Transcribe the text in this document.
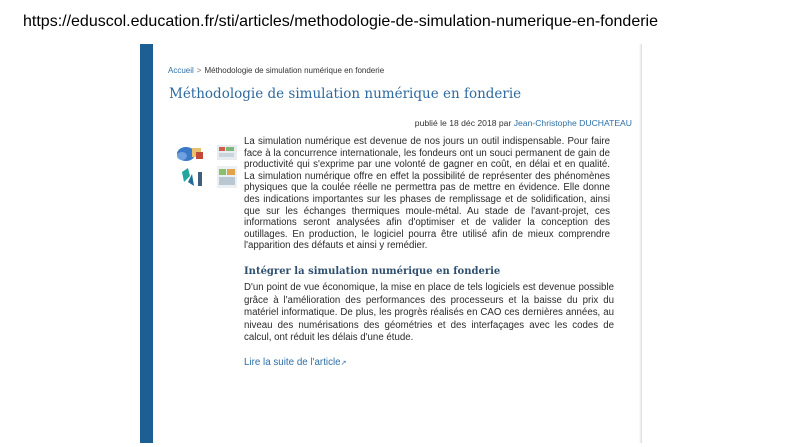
https://eduscol.education.fr/sti/articles/methodologie-de-simulation-numerique-en-fonderie
Accueil > Méthodologie de simulation numérique en fonderie
Méthodologie de simulation numérique en fonderie
publié le 18 déc 2018 par Jean-Christophe DUCHATEAU

La simulation numérique est devenue de nos jours un outil indispensable. Pour faire face à la concurrence internationale, les fondeurs ont un souci permanent de gain de productivité qui s'exprime par une volonté de gagner en coût, en délai et en qualité. La simulation numérique offre en effet la possibilité de représenter des phénomènes physiques que la coulée réelle ne permettra pas de mettre en évidence. Elle donne des indications importantes sur les phases de remplissage et de solidification, ainsi que sur les échanges thermiques moule-métal. Au stade de l'avant-projet, ces informations seront analysées afin d'optimiser et de valider la conception des outillages. En production, le logiciel pourra être utilisé afin de mieux comprendre l'apparition des défauts et ainsi y remédier.

Intégrer la simulation numérique en fonderie

D'un point de vue économique, la mise en place de tels logiciels est devenue possible grâce à l'amélioration des performances des processeurs et la baisse du prix du matériel informatique. De plus, les progrès réalisés en CAO ces dernières années, au niveau des numérisations des géométries et des interfaçages avec les codes de calcul, ont réduit les délais d'une étude.

Lire la suite de l'article↗
